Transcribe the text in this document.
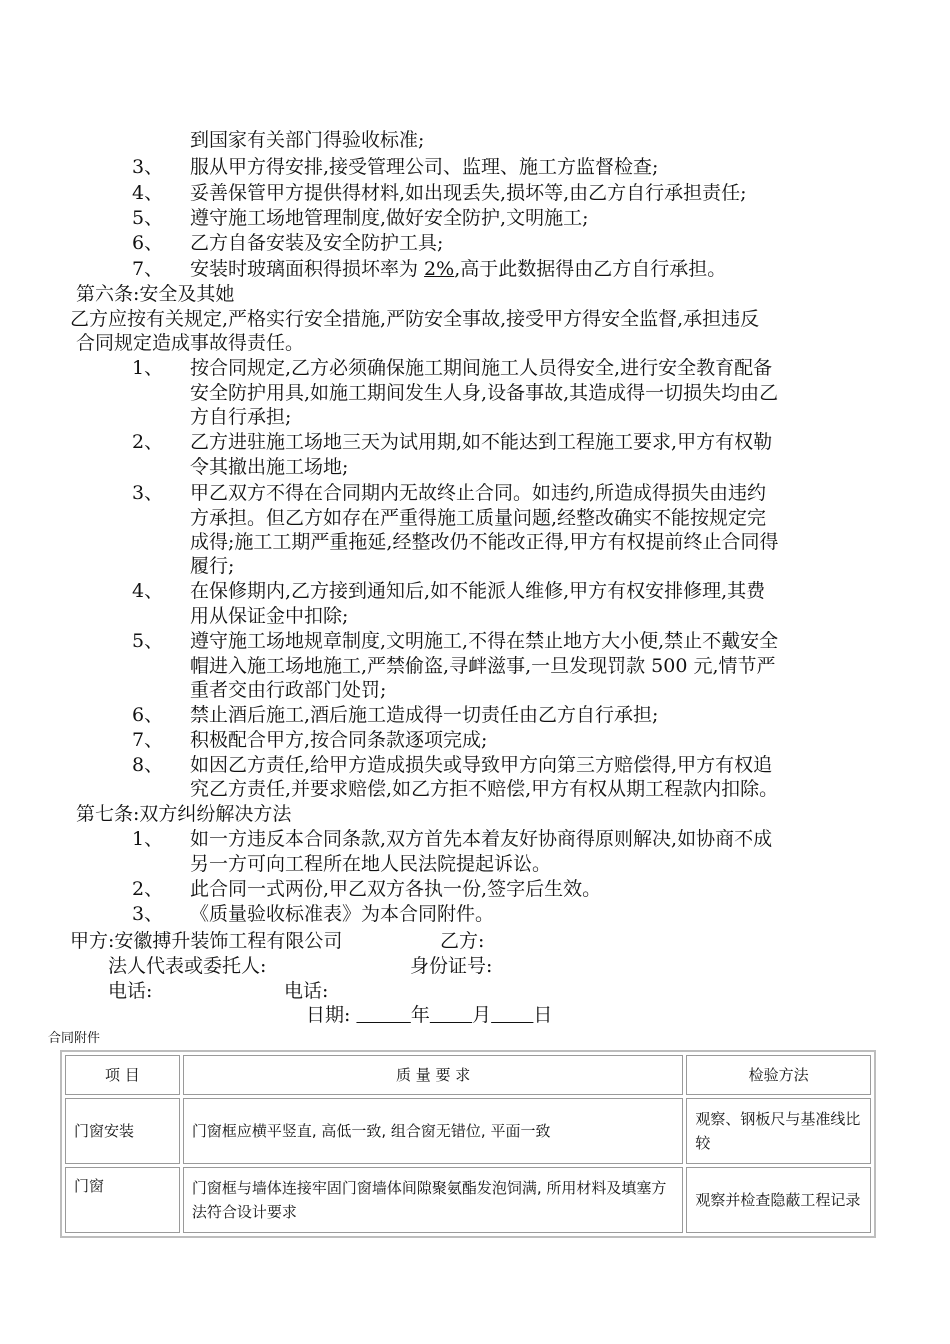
到国家有关部门得验收标准;
3、 服从甲方得安排,接受管理公司、监理、施工方监督检查;
4、 妥善保管甲方提供得材料,如出现丢失,损坏等,由乙方自行承担责任;
5、 遵守施工场地管理制度,做好安全防护,文明施工;
6、 乙方自备安装及安全防护工具;
7、 安装时玻璃面积得损坏率为 2%,高于此数据得由乙方自行承担。
第六条:安全及其她
乙方应按有关规定,严格实行安全措施,严防安全事故,接受甲方得安全监督,承担违反
合同规定造成事故得责任。
1、 按合同规定,乙方必须确保施工期间施工人员得安全,进行安全教育配备
安全防护用具,如施工期间发生人身,设备事故,其造成得一切损失均由乙
方自行承担;
2、 乙方进驻施工场地三天为试用期,如不能达到工程施工要求,甲方有权勒
令其撤出施工场地;
3、 甲乙双方不得在合同期内无故终止合同。如违约,所造成得损失由违约
方承担。但乙方如存在严重得施工质量问题,经整改确实不能按规定完
成得;施工工期严重拖延,经整改仍不能改正得,甲方有权提前终止合同得
履行;
4、 在保修期内,乙方接到通知后,如不能派人维修,甲方有权安排修理,其费
用从保证金中扣除;
5、 遵守施工场地规章制度,文明施工,不得在禁止地方大小便,禁止不戴安全
帽进入施工场地施工,严禁偷盗,寻衅滋事,一旦发现罚款 500 元,情节严
重者交由行政部门处罚;
6、 禁止酒后施工,酒后施工造成得一切责任由乙方自行承担;
7、 积极配合甲方,按合同条款逐项完成;
8、 如因乙方责任,给甲方造成损失或导致甲方向第三方赔偿得,甲方有权追
究乙方责任,并要求赔偿,如乙方拒不赔偿,甲方有权从期工程款内扣除。
第七条:双方纠纷解决方法
1、 如一方违反本合同条款,双方首先本着友好协商得原则解决,如协商不成
另一方可向工程所在地人民法院提起诉讼。
2、 此合同一式两份,甲乙双方各执一份,签字后生效。
3、 《质量验收标准表》为本合同附件。
甲方:安徽搏升装饰工程有限公司	乙方:
法人代表或委托人:	身份证号:
电话:	电话:
日期:	年 月 日
合同附件
项 目	质 量 要 求	检验方法
门窗安装	门窗框应横平竖直, 高低一致, 组合窗无错位, 平面一致	观察、钢板尺与基准线比较
门窗	门窗框与墙体连接牢固门窗墙体间隙聚氨酯发泡饲满, 所用材料及填塞方法符合设计要求	观察并检查隐蔽工程记录
